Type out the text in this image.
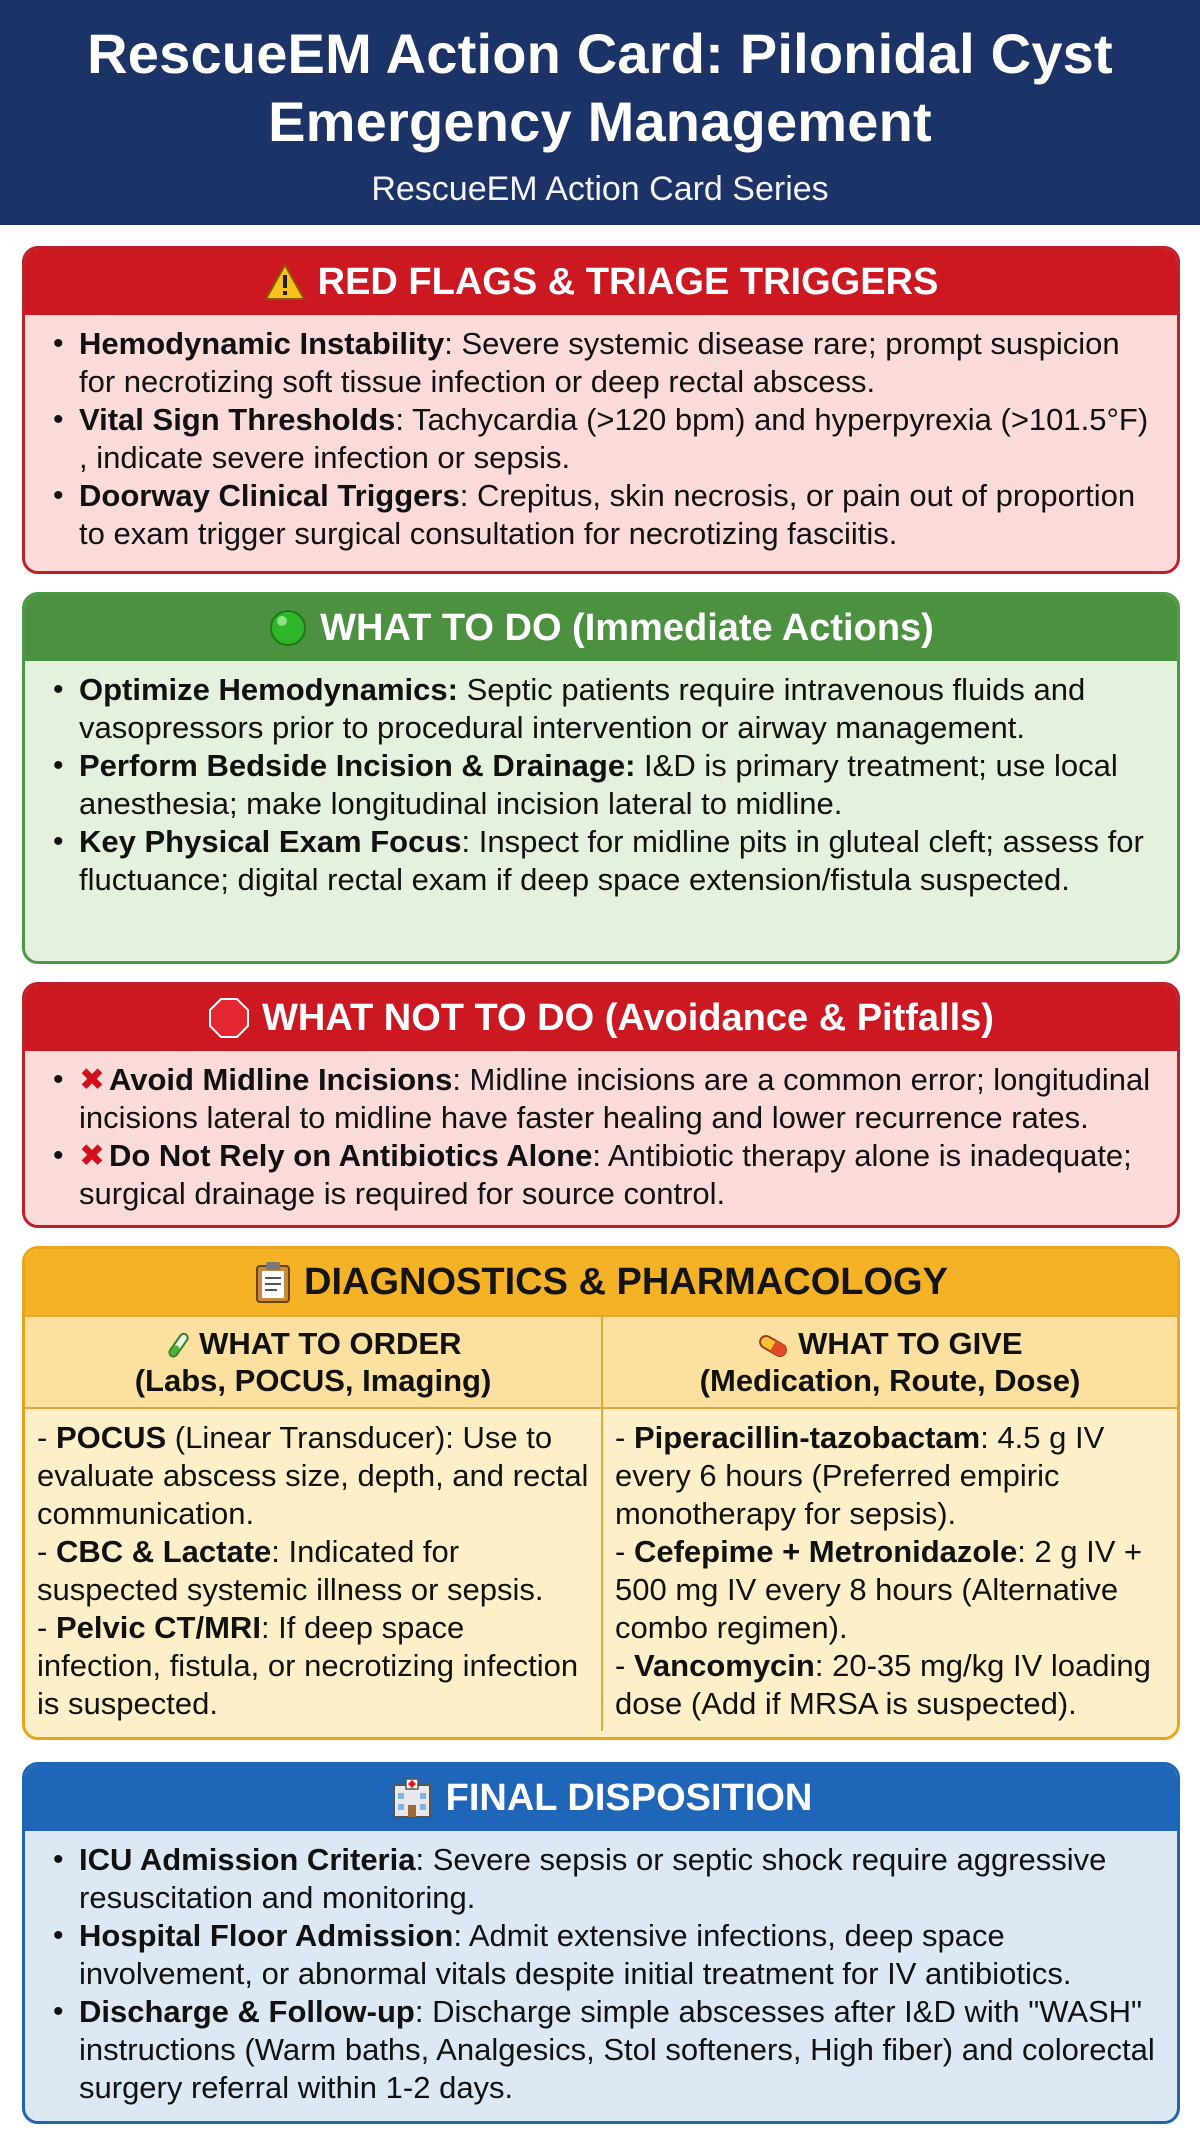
RescueEM Action Card: Pilonidal Cyst
Emergency Management
RescueEM Action Card Series
RED FLAGS & TRIAGE TRIGGERS
• Hemodynamic Instability: Severe systemic disease rare; prompt suspicion for necrotizing soft tissue infection or deep rectal abscess.
• Vital Sign Thresholds: Tachycardia (>120 bpm) and hyperpyrexia (>101.5°F) , indicate severe infection or sepsis.
• Doorway Clinical Triggers: Crepitus, skin necrosis, or pain out of proportion to exam trigger surgical consultation for necrotizing fasciitis.
WHAT TO DO (Immediate Actions)
• Optimize Hemodynamics: Septic patients require intravenous fluids and vasopressors prior to procedural intervention or airway management.
• Perform Bedside Incision & Drainage: I&D is primary treatment; use local anesthesia; make longitudinal incision lateral to midline.
• Key Physical Exam Focus: Inspect for midline pits in gluteal cleft; assess for fluctuance; digital rectal exam if deep space extension/fistula suspected.
WHAT NOT TO DO (Avoidance & Pitfalls)
• ✖ Avoid Midline Incisions: Midline incisions are a common error; longitudinal incisions lateral to midline have faster healing and lower recurrence rates.
• ✖ Do Not Rely on Antibiotics Alone: Antibiotic therapy alone is inadequate; surgical drainage is required for source control.
DIAGNOSTICS & PHARMACOLOGY
WHAT TO ORDER
(Labs, POCUS, Imaging)
- POCUS (Linear Transducer): Use to evaluate abscess size, depth, and rectal communication.
- CBC & Lactate: Indicated for suspected systemic illness or sepsis.
- Pelvic CT/MRI: If deep space infection, fistula, or necrotizing infection is suspected.
WHAT TO GIVE
(Medication, Route, Dose)
- Piperacillin-tazobactam: 4.5 g IV every 6 hours (Preferred empiric monotherapy for sepsis).
- Cefepime + Metronidazole: 2 g IV + 500 mg IV every 8 hours (Alternative combo regimen).
- Vancomycin: 20-35 mg/kg IV loading dose (Add if MRSA is suspected).
FINAL DISPOSITION
• ICU Admission Criteria: Severe sepsis or septic shock require aggressive resuscitation and monitoring.
• Hospital Floor Admission: Admit extensive infections, deep space involvement, or abnormal vitals despite initial treatment for IV antibiotics.
• Discharge & Follow-up: Discharge simple abscesses after I&D with "WASH" instructions (Warm baths, Analgesics, Stol softeners, High fiber) and colorectal surgery referral within 1-2 days.
